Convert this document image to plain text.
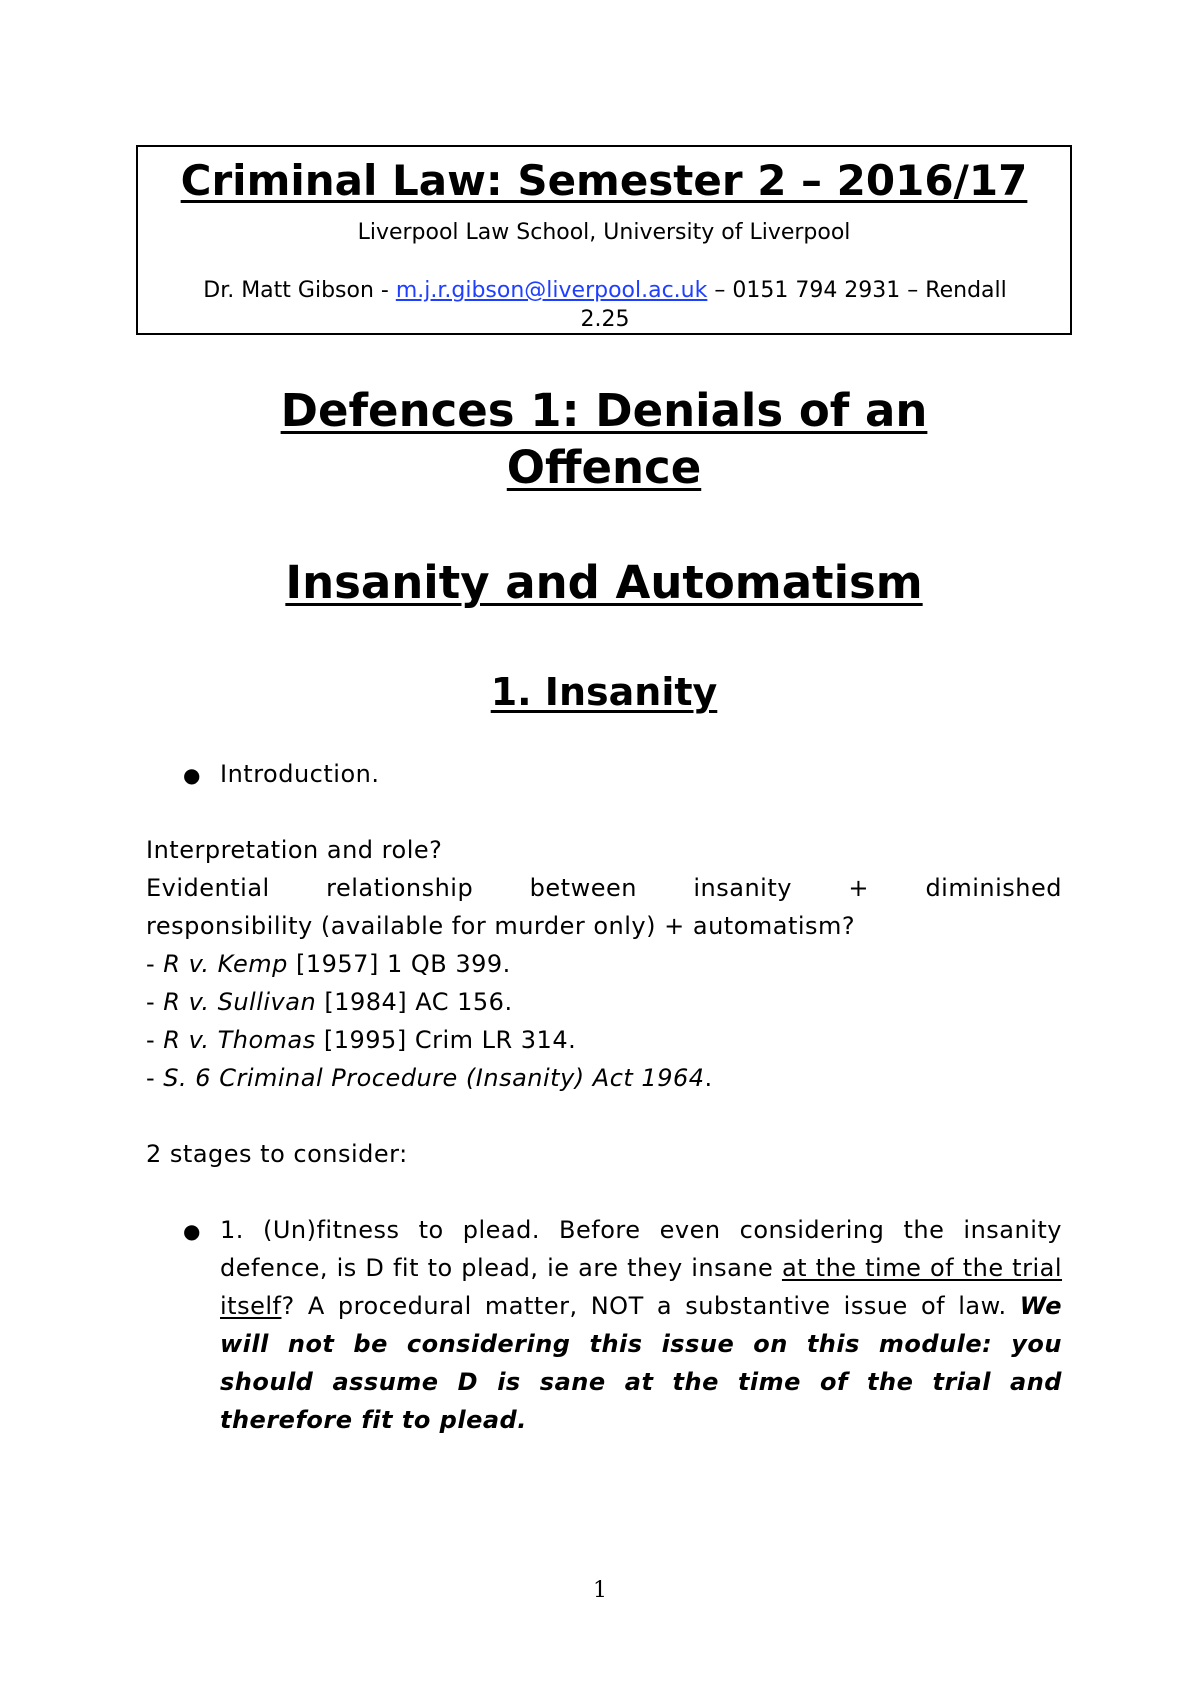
Criminal Law: Semester 2 – 2016/17
Liverpool Law School, University of Liverpool
Dr. Matt Gibson - m.j.r.gibson@liverpool.ac.uk – 0151 794 2931 – Rendall
2.25
Defences 1: Denials of an
Offence
Insanity and Automatism
1. Insanity
● Introduction.
Interpretation and role?
Evidential relationship between insanity + diminished
responsibility (available for murder only) + automatism?
- R v. Kemp [1957] 1 QB 399.
- R v. Sullivan [1984] AC 156.
- R v. Thomas [1995] Crim LR 314.
- S. 6 Criminal Procedure (Insanity) Act 1964.
2 stages to consider:
● 1. (Un)fitness to plead. Before even considering the insanity defence, is D fit to plead, ie are they insane at the time of the trial itself? A procedural matter, NOT a substantive issue of law. We will not be considering this issue on this module: you should assume D is sane at the time of the trial and therefore fit to plead.
1
